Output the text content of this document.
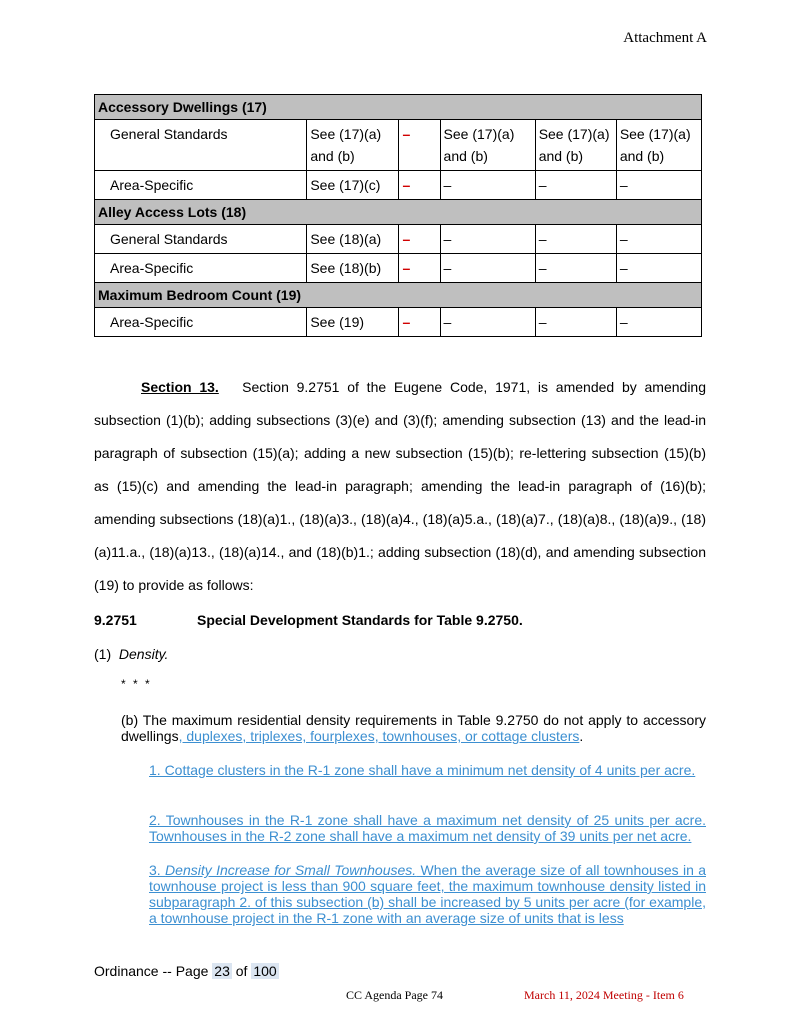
Attachment A
Accessory Dwellings (17)						
General Standards	See (17)(a) and (b)	–	See (17)(a) and (b)	See (17)(a) and (b)	See (17)(a) and (b)	
Area-Specific	See (17)(c)	–	–	–	–	
Alley Access Lots (18)						
General Standards	See (18)(a)	–	–	–	–	
Area-Specific	See (18)(b)	–	–	–	–	
Maximum Bedroom Count (19)						
Area-Specific	See (19)	–	–	–	–	
Section 13. Section 9.2751 of the Eugene Code, 1971, is amended by amending subsection (1)(b); adding subsections (3)(e) and (3)(f); amending subsection (13) and the lead-in paragraph of subsection (15)(a); adding a new subsection (15)(b); re-lettering subsection (15)(b) as (15)(c) and amending the lead-in paragraph; amending the lead-in paragraph of (16)(b); amending subsections (18)(a)1., (18)(a)3., (18)(a)4., (18)(a)5.a., (18)(a)7., (18)(a)8., (18)(a)9., (18)(a)11.a., (18)(a)13., (18)(a)14., and (18)(b)1.; adding subsection (18)(d), and amending subsection (19) to provide as follows:
9.2751	Special Development Standards for Table 9.2750.
(1) Density.
* * *
(b) The maximum residential density requirements in Table 9.2750 do not apply to accessory dwellings, duplexes, triplexes, fourplexes, townhouses, or cottage clusters.
1. Cottage clusters in the R-1 zone shall have a minimum net density of 4 units per acre.
2. Townhouses in the R-1 zone shall have a maximum net density of 25 units per acre. Townhouses in the R-2 zone shall have a maximum net density of 39 units per net acre.
3. Density Increase for Small Townhouses. When the average size of all townhouses in a townhouse project is less than 900 square feet, the maximum townhouse density listed in subparagraph 2. of this subsection (b) shall be increased by 5 units per acre (for example, a townhouse project in the R-1 zone with an average size of units that is less
Ordinance -- Page 23 of 100
CC Agenda Page 74	March 11, 2024 Meeting - Item 6
